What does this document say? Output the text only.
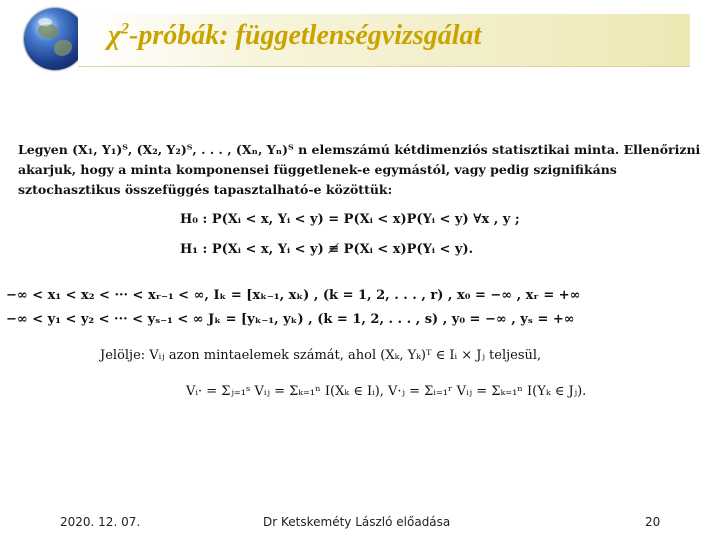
$\chi^2$-próbák: függetlenségvizsgálat
Legyen (X₁, Y₁)ᵀ, (X₂, Y₂)ᵀ, . . . , (Xₙ, Yₙ)ᵀ n elemszámú kétdimenziós statisztikai minta. Ellenőrizni akarjuk, hogy a minta komponensei függetlenek-e egymástól, vagy pedig szignifikáns sztochasztikus összefüggés tapasztalható-e közöttük:
H₀ : P(Xᵢ < x, Yᵢ < y) = P(Xᵢ < x)P(Yᵢ < y) ∀x , y ;
H₁ : P(Xᵢ < x, Yᵢ < y) ≢ P(Xᵢ < x)P(Yᵢ < y).
−∞ < x₁ < x₂ < ··· < xᵣ₋₁ < ∞, Iₖ = [xₖ₋₁, xₖ) , (k = 1, 2, . . . , r) , x₀ = −∞ , xᵣ = +∞
−∞ < y₁ < y₂ < ··· < yₛ₋₁ < ∞ Jₖ = [yₖ₋₁, yₖ) , (k = 1, 2, . . . , s) , y₀ = −∞ , yₛ = +∞
Jelölje: Vᵢⱼ azon mintaelemek számát, ahol (Xₖ, Yₖ)ᵀ ∈ Iᵢ × Jⱼ teljesül,
Vᵢ· = Σⱼ₌₁ˢ Vᵢⱼ = Σₖ₌₁ⁿ I(Xₖ ∈ Iᵢ), V·ⱼ = Σᵢ₌₁ʳ Vᵢⱼ = Σₖ₌₁ⁿ I(Yₖ ∈ Jⱼ).
2020. 12. 07.	Dr Ketskeméty László előadása	20
